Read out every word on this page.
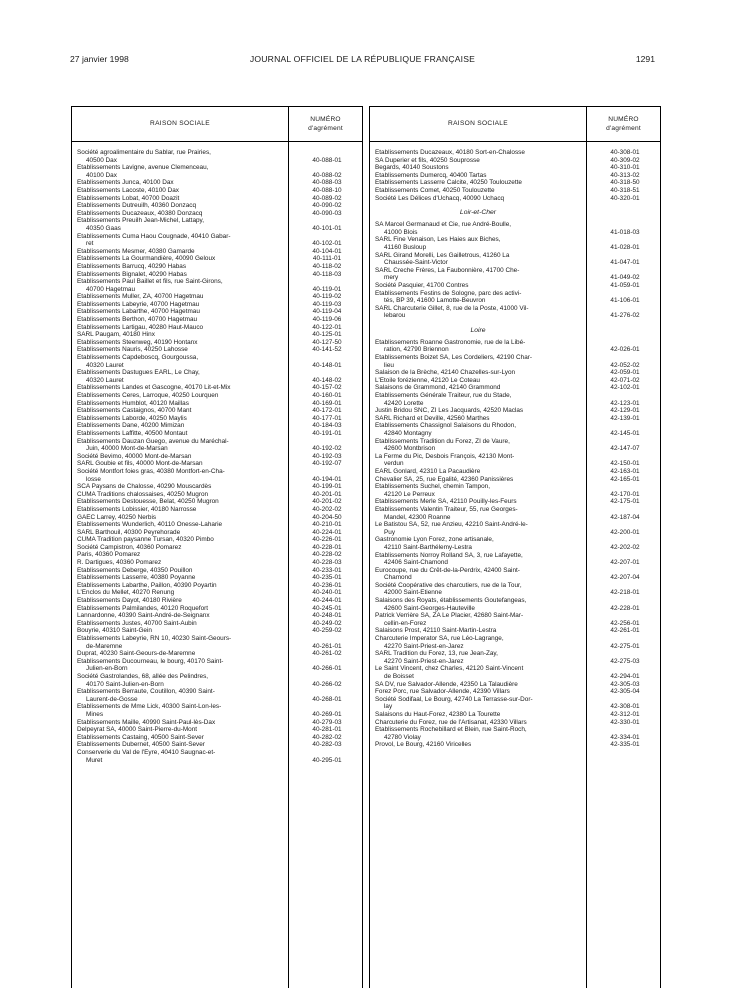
27 janvier 1998	JOURNAL OFFICIEL DE LA RÉPUBLIQUE FRANÇAISE	1291
RAISON SOCIALE
NUMÉRO
d'agrément
Société agroalimentaire du Sablar, rue Prairies,
40500 Dax	40-088-01
Etablissements Lavigne, avenue Clemenceau,
40100 Dax	40-088-02
Etablissements Junca, 40100 Dax	40-088-03
Etablissements Lacoste, 40100 Dax	40-088-10
Etablissements Lobat, 40700 Doazit	40-089-02
Etablissements Dutreuilh, 40360 Donzacq	40-090-02
Etablissements Ducazeaux, 40380 Donzacq	40-090-03
Etablissements Preuilh Jean-Michel, Lattapy,
40350 Gaas	40-101-01
Etablissements Cuma Haou Cougnade, 40410 Gabar-
ret	40-102-01
Etablissements Mesmer, 40380 Gamarde	40-104-01
Etablissements La Gourmandière, 40090 Geloux	40-111-01
Etablissements Barrucq, 40290 Habas	40-118-02
Etablissements Bignalet, 40290 Habas	40-118-03
Etablissements Paul Baillet et fils, rue Saint-Girons,
40700 Hagetmau	40-119-01
Etablissements Muller, ZA, 40700 Hagetmau	40-119-02
Etablissements Labeyrie, 40700 Hagetmau	40-119-03
Etablissements Labarthe, 40700 Hagetmau	40-119-04
Etablissements Berthon, 40700 Hagetmau	40-119-06
Etablissements Lartigau, 40280 Haut-Mauco	40-122-01
SARL Paugam, 40180 Hinx	40-125-01
Etablissements Steenweg, 40190 Hontanx	40-127-50
Etablissements Nauris, 40250 Lahosse	40-141-52
Etablissements Capdeboscq, Gourgoussa,
40320 Lauret	40-148-01
Etablissements Dastugues EARL, Le Chay,
40320 Lauret	40-148-02
Etablissements Landes et Gascogne, 40170 Lit-et-Mix	40-157-02
Etablissements Ceres, Larroque, 40250 Lourquen	40-160-01
Etablissements Humblot, 40120 Maillas	40-169-01
Etablissements Castaignos, 40700 Mant	40-172-01
Etablissements Laborde, 40250 Maylis	40-177-01
Etablissements Dane, 40200 Mimizan	40-184-03
Etablissements Laffitte, 40500 Montaut	40-191-01
Etablissements Dauzan Guego, avenue du Maréchal-
Juin, 40000 Mont-de-Marsan	40-192-02
Société Bevimo, 40000 Mont-de-Marsan	40-192-03
SARL Goubie et fils, 40000 Mont-de-Marsan	40-192-07
Société Montfort foies gras, 40380 Montfort-en-Cha-
losse	40-194-01
SCA Paysans de Chalosse, 40290 Mouscardès	40-199-01
CUMA Traditions chalossaises, 40250 Mugron	40-201-01
Etablissements Destouesse, Belat, 40250 Mugron	40-201-02
Etablissements Lobissier, 40180 Narrosse	40-202-02
GAEC Larrey, 40250 Nerbis	40-204-50
Etablissements Wunderlich, 40110 Onesse-Laharie	40-210-01
SARL Barthouil, 40300 Peyrehorade	40-224-01
CUMA Tradition paysanne Tursan, 40320 Pimbo	40-226-01
Société Campistron, 40360 Pomarez	40-228-01
Paris, 40360 Pomarez	40-228-02
R. Dartigues, 40360 Pomarez	40-228-03
Etablissements Deberge, 40350 Pouillon	40-233-01
Etablissements Lasserre, 40380 Poyanne	40-235-01
Etablissements Labarthe, Paillon, 40390 Poyartin	40-236-01
L'Enclos du Mellet, 40270 Renung	40-240-01
Etablissements Dayot, 40180 Rivière	40-244-01
Etablissements Palmilandes, 40120 Roquefort	40-245-01
Lannardonne, 40390 Saint-André-de-Seignanx	40-248-01
Etablissements Justes, 40700 Saint-Aubin	40-249-02
Bouyrie, 40310 Saint-Gein	40-259-02
Etablissements Labeyrie, RN 10, 40230 Saint-Geours-
de-Maremne	40-261-01
Duprat, 40230 Saint-Geours-de-Maremne	40-261-02
Etablissements Ducourneau, le bourg, 40170 Saint-
Julien-en-Born	40-266-01
Société Gastrolandes, 68, allée des Pelindres,
40170 Saint-Julien-en-Born	40-266-02
Etablissements Berraute, Coutillon, 40390 Saint-
Laurent-de-Gosse	40-268-01
Etablissements de Mme Lick, 40300 Saint-Lon-les-
Mines	40-269-01
Etablissements Maille, 40990 Saint-Paul-lès-Dax	40-279-03
Delpeyrat SA, 40000 Saint-Pierre-du-Mont	40-281-01
Etablissements Castaing, 40500 Saint-Sever	40-282-02
Etablissements Dubernet, 40500 Saint-Sever	40-282-03
Conserverie du Val de l'Eyre, 40410 Saugnac-et-
Muret	40-295-01
RAISON SOCIALE
NUMÉRO
d'agrément
Etablissements Ducazeaux, 40180 Sort-en-Chalosse	40-308-01
SA Duperier et fils, 40250 Souprosse	40-309-02
Begards, 40140 Soustons	40-310-01
Etablissements Dumercq, 40400 Tartas	40-313-02
Etablissements Lasserre Calcite, 40250 Toulouzette	40-318-50
Etablissements Comet, 40250 Toulouzette	40-318-51
Société Les Délices d'Uchacq, 40090 Uchacq	40-320-01
Loir-et-Cher
SA Marcel Germanaud et Cie, rue André-Boulle,
41000 Blois	41-018-03
SARL Fine Venaison, Les Haies aux Biches,
41160 Busloup	41-028-01
SARL Girand Morelli, Les Gailletrous, 41260 La
Chaussée-Saint-Victor	41-047-01
SARL Creche Frères, La Faubonnière, 41700 Che-
mery	41-049-02
Société Pasquier, 41700 Contres	41-059-01
Etablissements Festins de Sologne, parc des activi-
tés, BP 39, 41600 Lamotte-Beuvron	41-106-01
SARL Charcuterie Gillet, 8, rue de la Poste, 41000 Vil-
lebarou	41-276-02
Loire
Etablissements Roanne Gastronomie, rue de la Libé-
ration, 42790 Briennon	42-026-01
Etablissements Boizet SA, Les Cordeliers, 42190 Char-
lieu	42-052-02
Salaison de la Brèche, 42140 Chazelles-sur-Lyon	42-059-01
L'Etoile forézienne, 42120 Le Coteau	42-071-02
Salaisons de Grammond, 42140 Grammond	42-102-01
Etablissements Générale Traiteur, rue du Stade,
42420 Lorette	42-123-01
Justin Bridou SNC, ZI Les Jacquards, 42520 Maclas	42-129-01
SARL Richard et Deville, 42560 Marthes	42-139-01
Etablissements Chassignol Salaisons du Rhodon,
42840 Montagny	42-145-01
Etablissements Tradition du Forez, ZI de Vaure,
42600 Montbrison	42-147-07
La Ferme du Pic, Desbois François, 42130 Mont-
verdun	42-150-01
EARL Gonlard, 42310 La Pacaudière	42-163-01
Chevalier SA, 25, rue Egalité, 42360 Panissières	42-165-01
Etablissements Suchel, chemin Tampon,
42120 Le Perreux	42-170-01
Etablissements Merle SA, 42110 Pouilly-les-Feurs	42-175-01
Etablissements Valentin Traiteur, 55, rue Georges-
Mandel, 42300 Roanne	42-187-04
Le Batistou SA, 52, rue Anzieu, 42210 Saint-André-le-
Puy	42-200-01
Gastronomie Lyon Forez, zone artisanale,
42110 Saint-Barthélemy-Lestra	42-202-02
Etablissements Norroy Rolland SA, 3, rue Lafayette,
42406 Saint-Chamond	42-207-01
Eurocoupe, rue du Crêt-de-la-Perdrix, 42400 Saint-
Chamond	42-207-04
Société Coopérative des charcutiers, rue de la Tour,
42000 Saint-Etienne	42-218-01
Salaisons des Royats, établissements Goutefangeas,
42600 Saint-Georges-Hauteville	42-228-01
Patrick Verrière SA, ZA Le Placier, 42680 Saint-Mar-
cellin-en-Forez	42-256-01
Salaisons Prost, 42110 Saint-Martin-Lestra	42-261-01
Charcuterie Imperator SA, rue Léo-Lagrange,
42270 Saint-Priest-en-Jarez	42-275-01
SARL Tradition du Forez, 13, rue Jean-Zay,
42270 Saint-Priest-en-Jarez	42-275-03
Le Saint Vincent, chez Charles, 42120 Saint-Vincent
de Boisset	42-294-01
SA DV, rue Salvador-Allende, 42350 La Talaudière	42-305-03
Forez Porc, rue Salvador-Allende, 42390 Villars	42-305-04
Société Sodifaal, Le Bourg, 42740 La Terrasse-sur-Dor-
lay	42-308-01
Salaisons du Haut-Forez, 42380 La Tourette	42-312-01
Charcuterie du Forez, rue de l'Artisanat, 42330 Villars	42-330-01
Etablissements Rochebillard et Blein, rue Saint-Roch,
42780 Violay	42-334-01
Provol, Le Bourg, 42160 Viricelles	42-335-01
